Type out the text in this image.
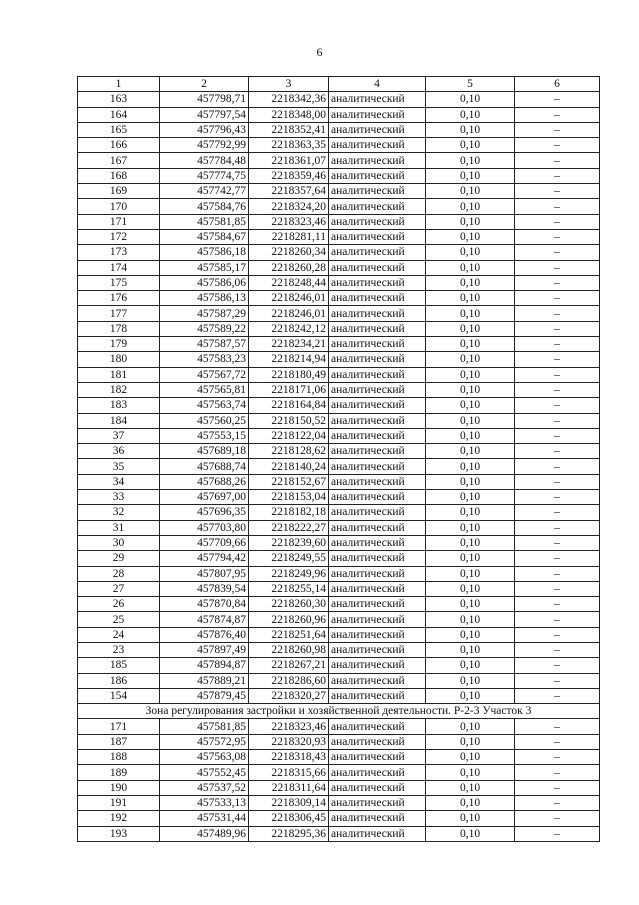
6
1	2	3	4	5	6
163	457798,71	2218342,36	аналитический	0,10	–
164	457797,54	2218348,00	аналитический	0,10	–
165	457796,43	2218352,41	аналитический	0,10	–
166	457792,99	2218363,35	аналитический	0,10	–
167	457784,48	2218361,07	аналитический	0,10	–
168	457774,75	2218359,46	аналитический	0,10	–
169	457742,77	2218357,64	аналитический	0,10	–
170	457584,76	2218324,20	аналитический	0,10	–
171	457581,85	2218323,46	аналитический	0,10	–
172	457584,67	2218281,11	аналитический	0,10	–
173	457586,18	2218260,34	аналитический	0,10	–
174	457585,17	2218260,28	аналитический	0,10	–
175	457586,06	2218248,44	аналитический	0,10	–
176	457586,13	2218246,01	аналитический	0,10	–
177	457587,29	2218246,01	аналитический	0,10	–
178	457589,22	2218242,12	аналитический	0,10	–
179	457587,57	2218234,21	аналитический	0,10	–
180	457583,23	2218214,94	аналитический	0,10	–
181	457567,72	2218180,49	аналитический	0,10	–
182	457565,81	2218171,06	аналитический	0,10	–
183	457563,74	2218164,84	аналитический	0,10	–
184	457560,25	2218150,52	аналитический	0,10	–
37	457553,15	2218122,04	аналитический	0,10	–
36	457689,18	2218128,62	аналитический	0,10	–
35	457688,74	2218140,24	аналитический	0,10	–
34	457688,26	2218152,67	аналитический	0,10	–
33	457697,00	2218153,04	аналитический	0,10	–
32	457696,35	2218182,18	аналитический	0,10	–
31	457703,80	2218222,27	аналитический	0,10	–
30	457709,66	2218239,60	аналитический	0,10	–
29	457794,42	2218249,55	аналитический	0,10	–
28	457807,95	2218249,96	аналитический	0,10	–
27	457839,54	2218255,14	аналитический	0,10	–
26	457870,84	2218260,30	аналитический	0,10	–
25	457874,87	2218260,96	аналитический	0,10	–
24	457876,40	2218251,64	аналитический	0,10	–
23	457897,49	2218260,98	аналитический	0,10	–
185	457894,87	2218267,21	аналитический	0,10	–
186	457889,21	2218286,60	аналитический	0,10	–
154	457879,45	2218320,27	аналитический	0,10	–
Зона регулирования застройки и хозяйственной деятельности. Р-2-3 Участок 3					
171	457581,85	2218323,46	аналитический	0,10	–
187	457572,95	2218320,93	аналитический	0,10	–
188	457563,08	2218318,43	аналитический	0,10	–
189	457552,45	2218315,66	аналитический	0,10	–
190	457537,52	2218311,64	аналитический	0,10	–
191	457533,13	2218309,14	аналитический	0,10	–
192	457531,44	2218306,45	аналитический	0,10	–
193	457489,96	2218295,36	аналитический	0,10	–
